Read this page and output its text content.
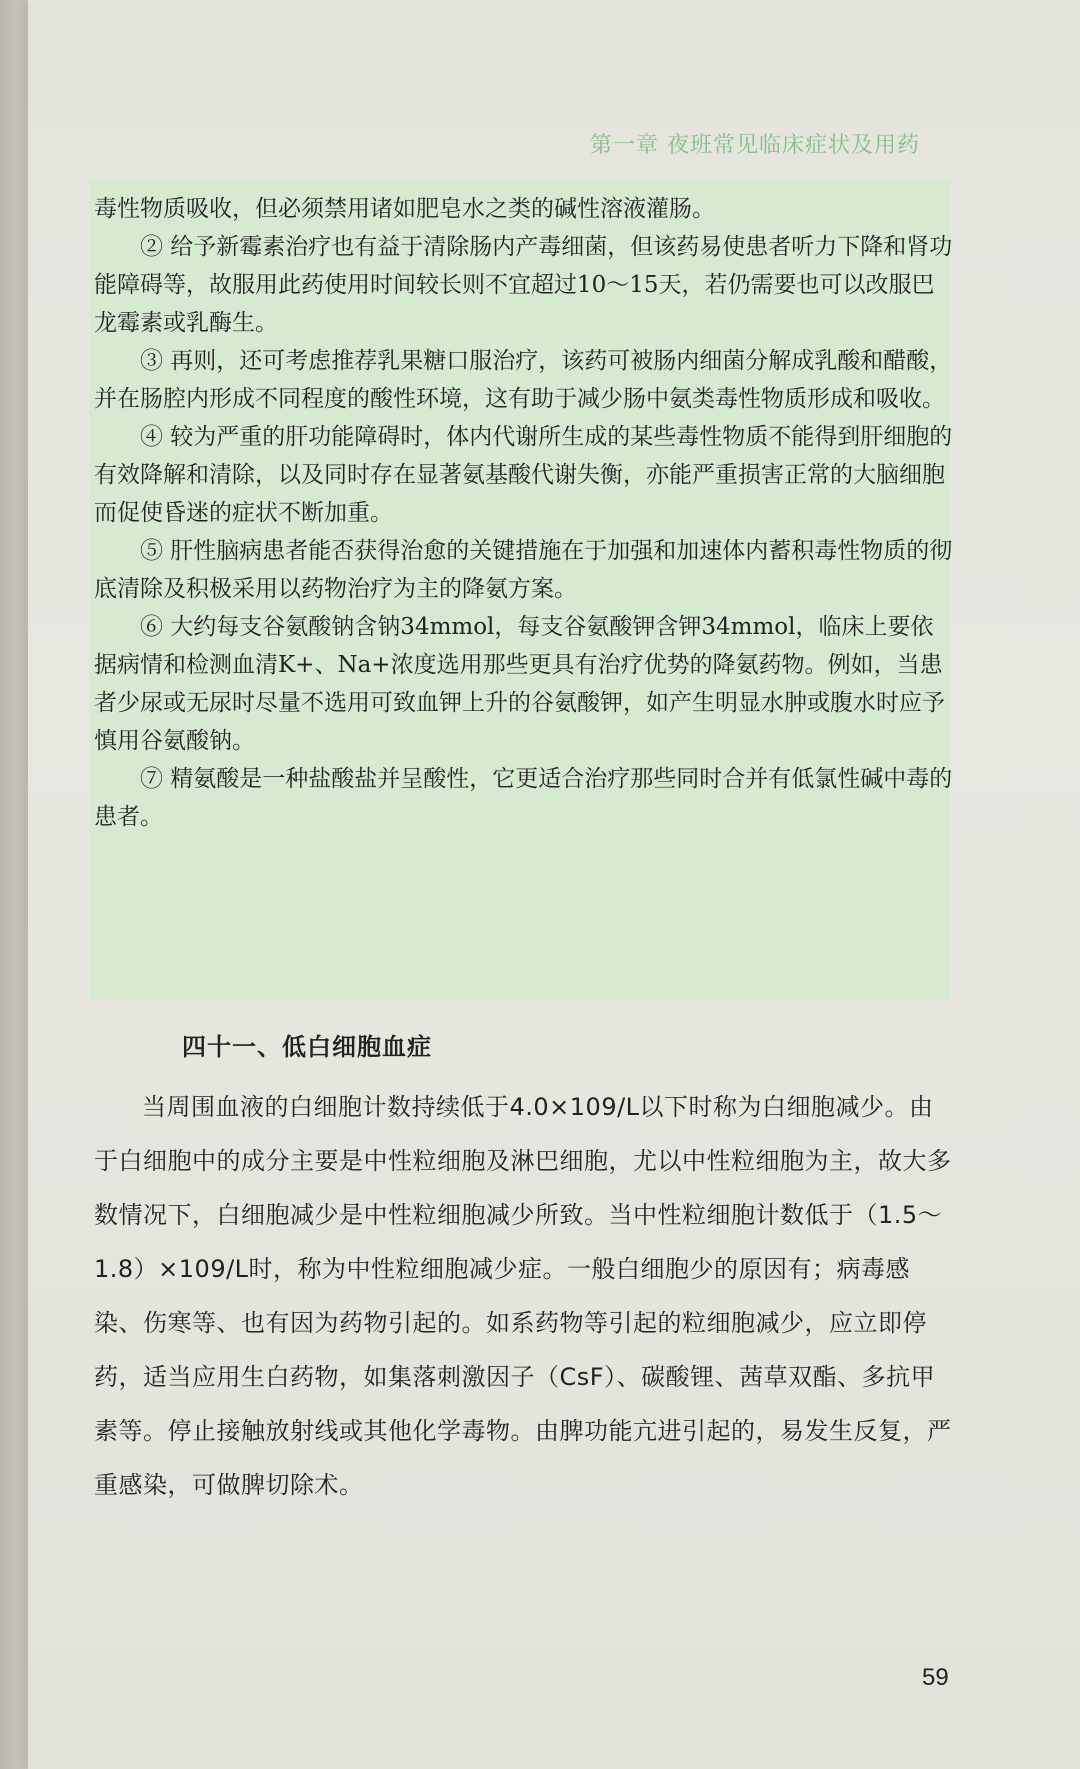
第一章 夜班常见临床症状及用药

毒性物质吸收，但必须禁用诸如肥皂水之类的碱性溶液灌肠。

② 给予新霉素治疗也有益于清除肠内产毒细菌，但该药易使患者听力下降和肾功能障碍等，故服用此药使用时间较长则不宜超过10～15天，若仍需要也可以改服巴龙霉素或乳酶生。

③ 再则，还可考虑推荐乳果糖口服治疗，该药可被肠内细菌分解成乳酸和醋酸，并在肠腔内形成不同程度的酸性环境，这有助于减少肠中氨类毒性物质形成和吸收。

④ 较为严重的肝功能障碍时，体内代谢所生成的某些毒性物质不能得到肝细胞的有效降解和清除，以及同时存在显著氨基酸代谢失衡，亦能严重损害正常的大脑细胞而促使昏迷的症状不断加重。

⑤ 肝性脑病患者能否获得治愈的关键措施在于加强和加速体内蓄积毒性物质的彻底清除及积极采用以药物治疗为主的降氨方案。

⑥ 大约每支谷氨酸钠含钠34mmol，每支谷氨酸钾含钾34mmol，临床上要依据病情和检测血清K+、Na+浓度选用那些更具有治疗优势的降氨药物。例如，当患者少尿或无尿时尽量不选用可致血钾上升的谷氨酸钾，如产生明显水肿或腹水时应予慎用谷氨酸钠。

⑦ 精氨酸是一种盐酸盐并呈酸性，它更适合治疗那些同时合并有低氯性碱中毒的患者。

四十一、低白细胞血症

当周围血液的白细胞计数持续低于4.0×109/L以下时称为白细胞减少。由于白细胞中的成分主要是中性粒细胞及淋巴细胞，尤以中性粒细胞为主，故大多数情况下，白细胞减少是中性粒细胞减少所致。当中性粒细胞计数低于（1.5～1.8）×109/L时，称为中性粒细胞减少症。一般白细胞少的原因有；病毒感染、伤寒等、也有因为药物引起的。如系药物等引起的粒细胞减少，应立即停药，适当应用生白药物，如集落刺激因子（CsF）、碳酸锂、茜草双酯、多抗甲素等。停止接触放射线或其他化学毒物。由脾功能亢进引起的，易发生反复，严重感染，可做脾切除术。

59
